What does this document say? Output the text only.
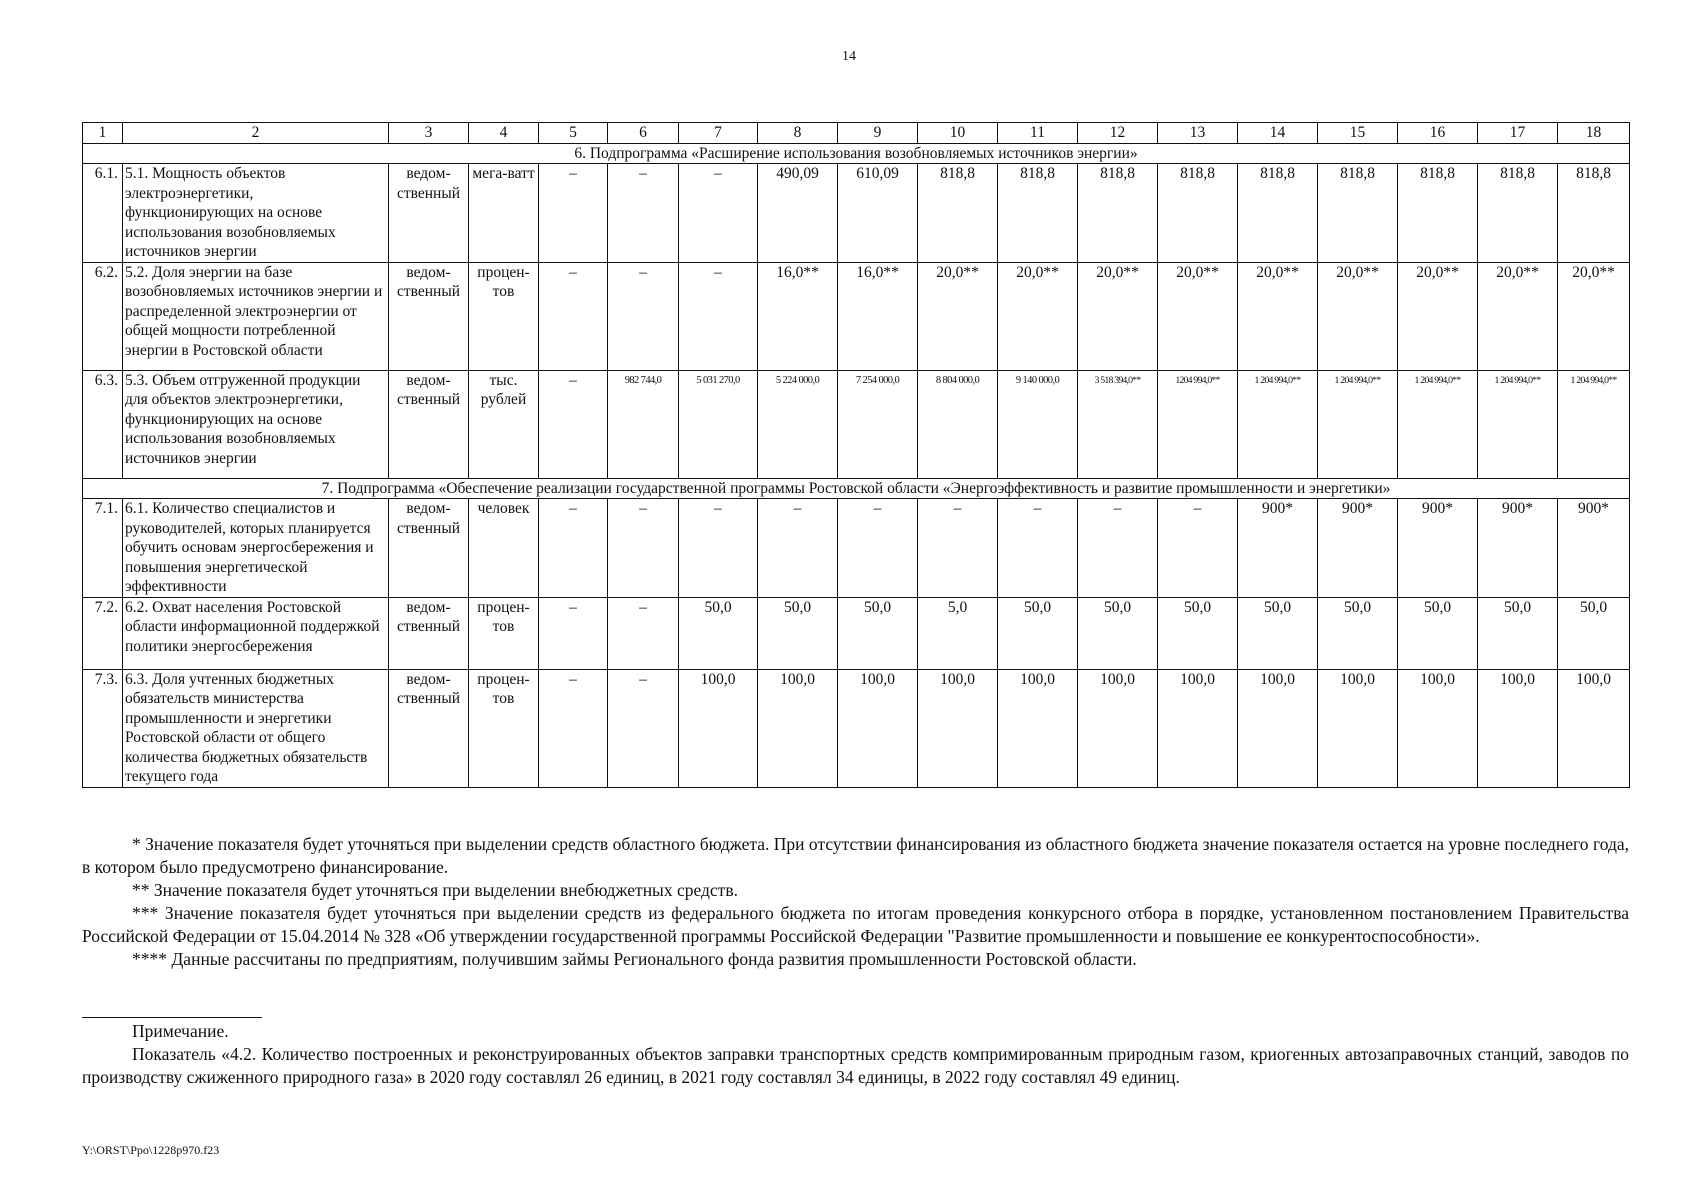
14
1	2	3	4	5	6	7	8	9	10	11	12	13	14	15	16	17	18
6. Подпрограмма «Расширение использования возобновляемых источников энергии»																	
6.1.	5.1. Мощность объектов электроэнергетики, функционирующих на основе использования возобновляемых источников энергии	ведом-ственный	мега-ватт	–	–	–	490,09	610,09	818,8	818,8	818,8	818,8	818,8	818,8	818,8	818,8	818,8
6.2.	5.2. Доля энергии на базе возобновляемых источников энергии и распределенной электроэнергии от общей мощности потребленной энергии в Ростовской области	ведом-ственный	процен-тов	–	–	–	16,0**	16,0**	20,0**	20,0**	20,0**	20,0**	20,0**	20,0**	20,0**	20,0**	20,0**
6.3.	5.3. Объем отгруженной продукции для объектов электроэнергетики, функционирующих на основе использования возобновляемых источников энергии	ведом-ственный	тыс. рублей	–	982 744,0	5 031 270,0	5 224 000,0	7 254 000,0	8 804 000,0	9 140 000,0	3 518 394,0**	1204 994,0**	1 204 994,0**	1 204 994,0**	1 204 994,0**	1 204 994,0**	1 204 994,0**
7. Подпрограмма «Обеспечение реализации государственной программы Ростовской области «Энергоэффективность и развитие промышленности и энергетики»																	
7.1.	6.1. Количество специалистов и руководителей, которых планируется обучить основам энергосбережения и повышения энергетической эффективности	ведом-ственный	человек	–	–	–	–	–	–	–	–	–	900*	900*	900*	900*	900*
7.2.	6.2. Охват населения Ростовской области информационной поддержкой политики энергосбережения	ведом-ственный	процен-тов	–	–	50,0	50,0	50,0	5,0	50,0	50,0	50,0	50,0	50,0	50,0	50,0	50,0
7.3.	6.3. Доля учтенных бюджетных обязательств министерства промышленности и энергетики Ростовской области от общего количества бюджетных обязательств текущего года	ведом-ственный	процен-тов	–	–	100,0	100,0	100,0	100,0	100,0	100,0	100,0	100,0	100,0	100,0	100,0	100,0

* Значение показателя будет уточняться при выделении средств областного бюджета. При отсутствии финансирования из областного бюджета значение показателя остается на уровне последнего года, в котором было предусмотрено финансирование.

** Значение показателя будет уточняться при выделении внебюджетных средств.

*** Значение показателя будет уточняться при выделении средств из федерального бюджета по итогам проведения конкурсного отбора в порядке, установленном постановлением Правительства Российской Федерации от 15.04.2014 № 328 «Об утверждении государственной программы Российской Федерации "Развитие промышленности и повышение ее конкурентоспособности».

**** Данные рассчитаны по предприятиям, получившим займы Регионального фонда развития промышленности Ростовской области.

Примечание.

Показатель «4.2. Количество построенных и реконструированных объектов заправки транспортных средств компримированным природным газом, криогенных автозаправочных станций, заводов по производству сжиженного природного газа» в 2020 году составлял 26 единиц, в 2021 году составлял 34 единицы, в 2022 году составлял 49 единиц.

Y:\ORST\Ppo\1228p970.f23
